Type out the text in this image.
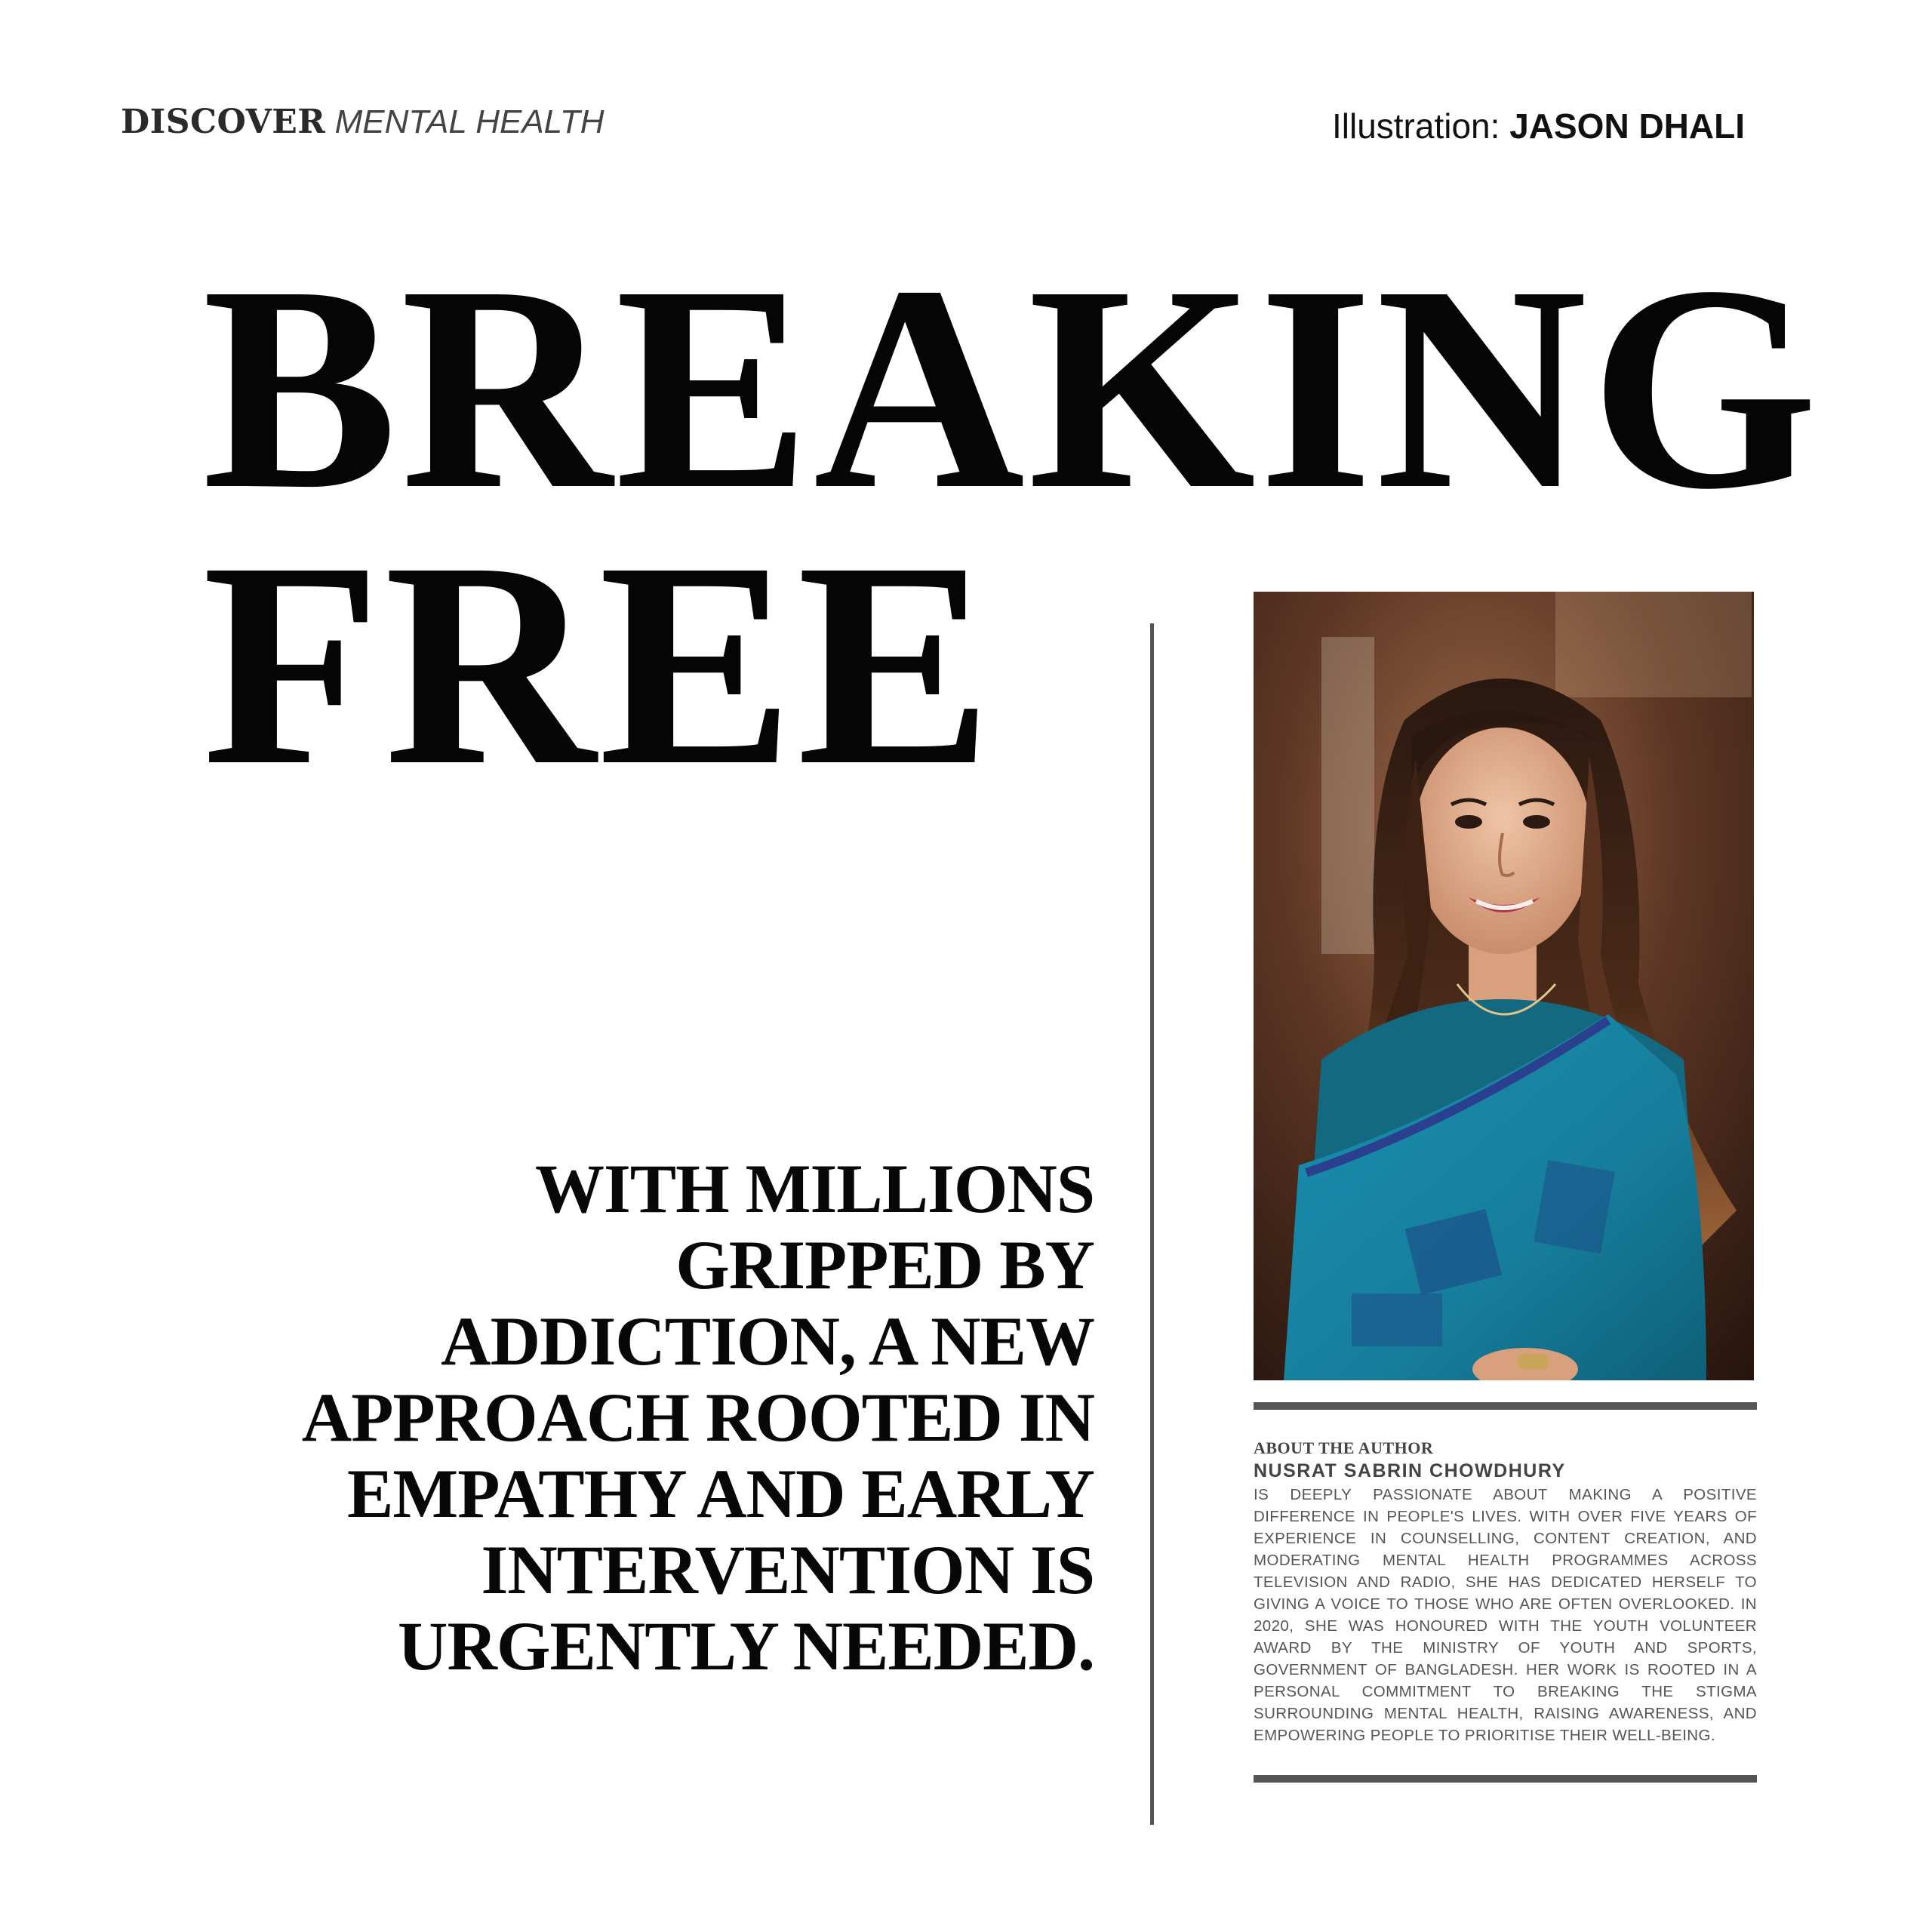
DISCOVER MENTAL HEALTH	Illustration: JASON DHALI
BREAKING
FREE
WITH MILLIONS GRIPPED BY ADDICTION, A NEW APPROACH ROOTED IN EMPATHY AND EARLY INTERVENTION IS URGENTLY NEEDED.
ABOUT THE AUTHOR
NUSRAT SABRIN CHOWDHURY
IS DEEPLY PASSIONATE ABOUT MAKING A POSITIVE DIFFERENCE IN PEOPLE'S LIVES. WITH OVER FIVE YEARS OF EXPERIENCE IN COUNSELLING, CONTENT CREATION, AND MODERATING MENTAL HEALTH PROGRAMMES ACROSS TELEVISION AND RADIO, SHE HAS DEDICATED HERSELF TO GIVING A VOICE TO THOSE WHO ARE OFTEN OVERLOOKED. IN 2020, SHE WAS HONOURED WITH THE YOUTH VOLUNTEER AWARD BY THE MINISTRY OF YOUTH AND SPORTS, GOVERNMENT OF BANGLADESH. HER WORK IS ROOTED IN A PERSONAL COMMITMENT TO BREAKING THE STIGMA SURROUNDING MENTAL HEALTH, RAISING AWARENESS, AND EMPOWERING PEOPLE TO PRIORITISE THEIR WELL-BEING.
